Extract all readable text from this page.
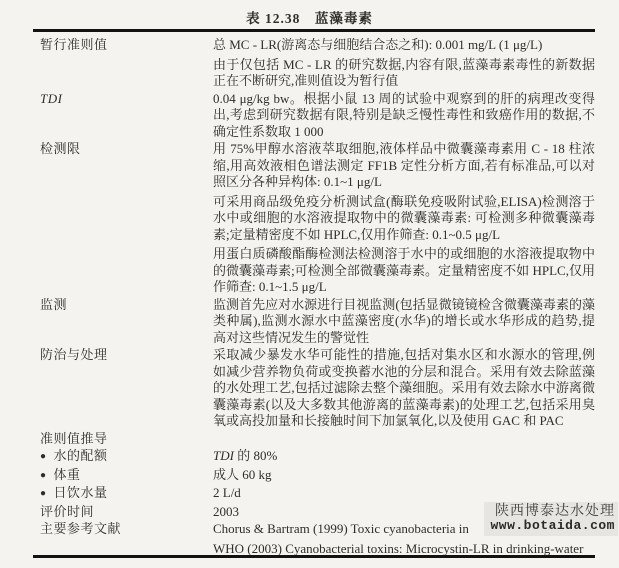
表 12.38　蓝藻毒素
暂行准则值	总 MC - LR(游离态与细胞结合态之和): 0.001 mg/L (1 μg/L)

由于仅包括 MC - LR 的研究数据,内容有限,蓝藻毒素毒性的新数据正在不断研究,准则值设为暂行值

TDI	0.04 μg/kg bw。根据小鼠 13 周的试验中观察到的肝的病理改变得出,考虑到研究数据有限,特别是缺乏慢性毒性和致癌作用的数据,不确定性系数取 1 000

检测限	用 75%甲醇水溶液萃取细胞,液体样品中微囊藻毒素用 C - 18 柱浓缩,用高效液相色谱法测定 FF1B 定性分析方面,若有标准品,可以对照区分各种异构体: 0.1~1 μg/L

可采用商品级免疫分析测试盒(酶联免疫吸附试验,ELISA)检测溶于水中或细胞的水溶液提取物中的微囊藻毒素: 可检测多种微囊藻毒素;定量精密度不如 HPLC,仅用作筛查: 0.1~0.5 μg/L

用蛋白质磷酸酯酶检测法检测溶于水中的或细胞的水溶液提取物中的微囊藻毒素;可检测全部微囊藻毒素。定量精密度不如 HPLC,仅用作筛查: 0.1~1.5 μg/L

监测	监测首先应对水源进行目视监测(包括显微镜镜检含微囊藻毒素的藻类种属),监测水源水中蓝藻密度(水华)的增长或水华形成的趋势,提高对这些情况发生的警觉性

防治与处理	采取减少暴发水华可能性的措施,包括对集水区和水源水的管理,例如减少营养物负荷或变换蓄水池的分层和混合。采用有效去除蓝藻的水处理工艺,包括过滤除去整个藻细胞。采用有效去除水中游离微囊藻毒素(以及大多数其他游离的蓝藻毒素)的处理工艺,包括采用臭氧或高投加量和长接触时间下加氯氧化,以及使用 GAC 和 PAC

准则值推导
● 水的配额	TDI 的 80%

● 体重	成人 60 kg

● 日饮水量	2 L/d

评价时间	2003

主要参考文献	Chorus & Bartram (1999) Toxic cyanobacteria in

WHO (2003) Cyanobacterial toxins: Microcystin-LR in drinking-water

陕西博泰达水处理
www.botaida.com
